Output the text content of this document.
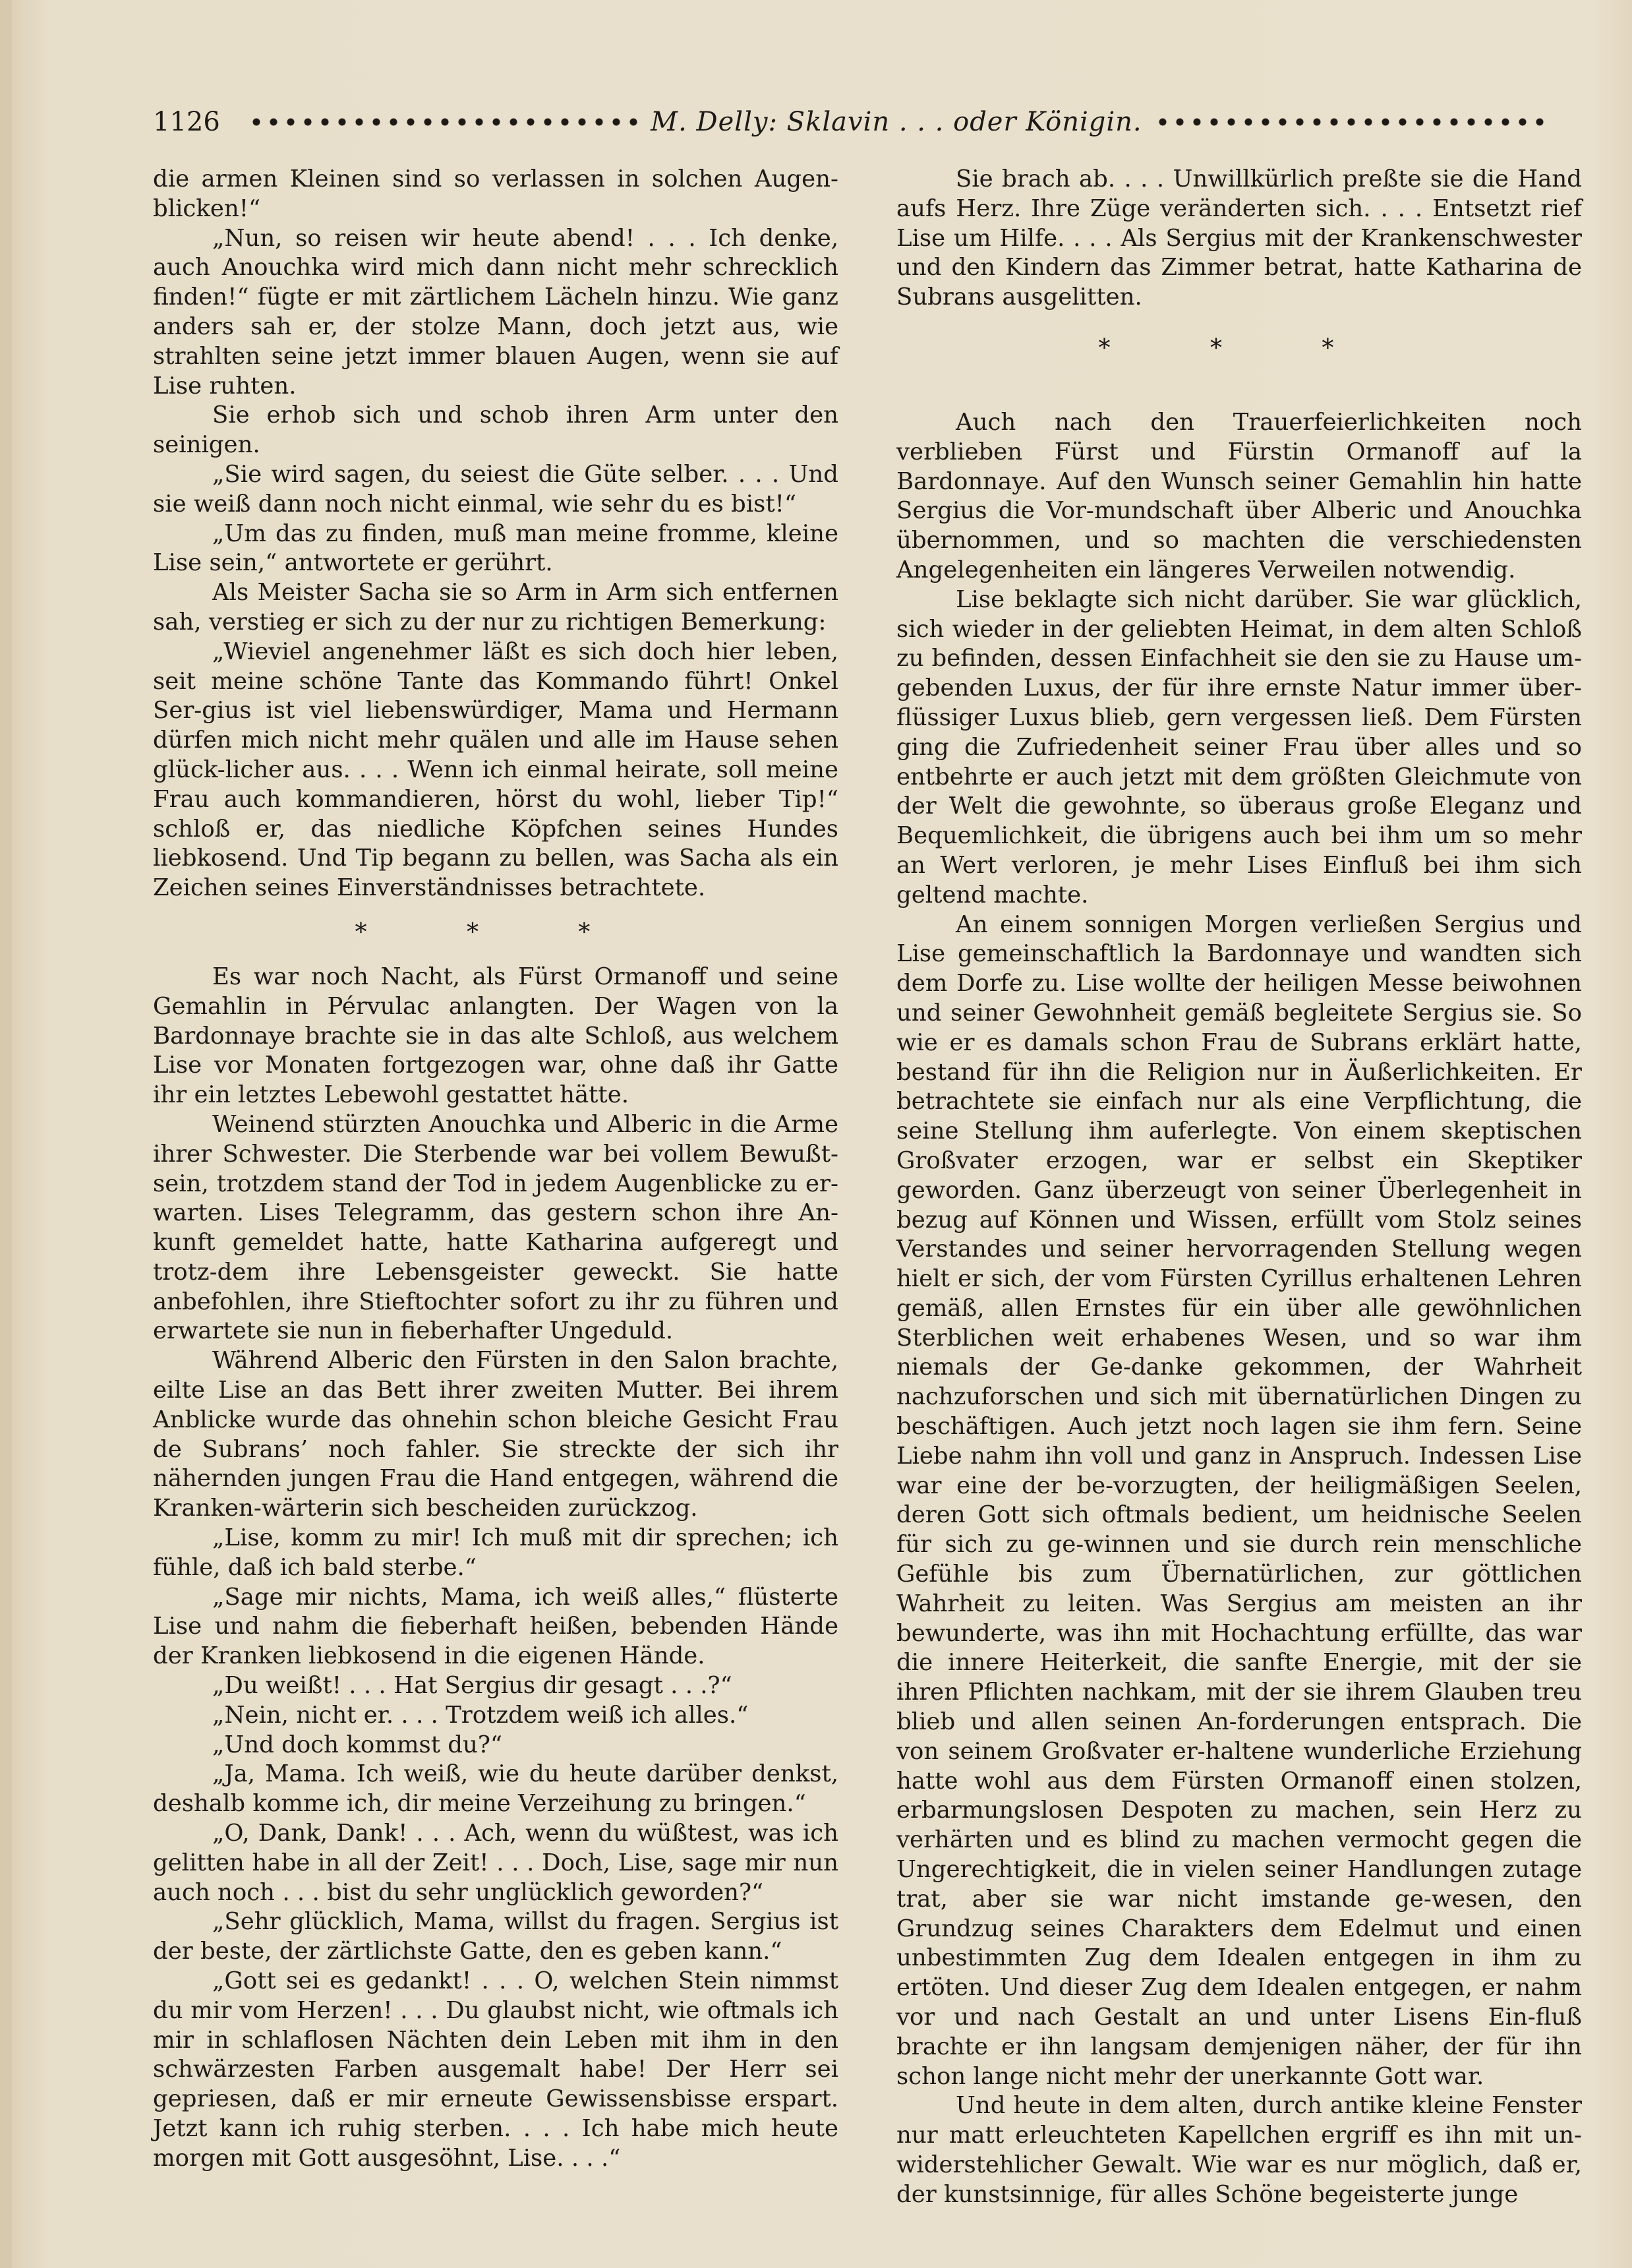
1126	M. Delly: Sklavin . . . oder Königin.

die armen Kleinen sind so verlassen in solchen Augen-blicken!“

„Nun, so reisen wir heute abend! . . . Ich denke, auch Anouchka wird mich dann nicht mehr schrecklich finden!“ fügte er mit zärtlichem Lächeln hinzu. Wie ganz anders sah er, der stolze Mann, doch jetzt aus, wie strahlten seine jetzt immer blauen Augen, wenn sie auf Lise ruhten.

Sie erhob sich und schob ihren Arm unter den seinigen.

„Sie wird sagen, du seiest die Güte selber. . . . Und sie weiß dann noch nicht einmal, wie sehr du es bist!“

„Um das zu finden, muß man meine fromme, kleine Lise sein,“ antwortete er gerührt.

Als Meister Sacha sie so Arm in Arm sich entfernen sah, verstieg er sich zu der nur zu richtigen Bemerkung:

„Wieviel angenehmer läßt es sich doch hier leben, seit meine schöne Tante das Kommando führt! Onkel Ser-gius ist viel liebenswürdiger, Mama und Hermann dürfen mich nicht mehr quälen und alle im Hause sehen glück-licher aus. . . . Wenn ich einmal heirate, soll meine Frau auch kommandieren, hörst du wohl, lieber Tip!“ schloß er, das niedliche Köpfchen seines Hundes liebkosend. Und Tip begann zu bellen, was Sacha als ein Zeichen seines Einverständnisses betrachtete.

* * *

Es war noch Nacht, als Fürst Ormanoff und seine Gemahlin in Pérvulac anlangten. Der Wagen von la Bardonnaye brachte sie in das alte Schloß, aus welchem Lise vor Monaten fortgezogen war, ohne daß ihr Gatte ihr ein letztes Lebewohl gestattet hätte.

Weinend stürzten Anouchka und Alberic in die Arme ihrer Schwester. Die Sterbende war bei vollem Bewußt-sein, trotzdem stand der Tod in jedem Augenblicke zu er-warten. Lises Telegramm, das gestern schon ihre An-kunft gemeldet hatte, hatte Katharina aufgeregt und trotz-dem ihre Lebensgeister geweckt. Sie hatte anbefohlen, ihre Stieftochter sofort zu ihr zu führen und erwartete sie nun in fieberhafter Ungeduld.

Während Alberic den Fürsten in den Salon brachte, eilte Lise an das Bett ihrer zweiten Mutter. Bei ihrem Anblicke wurde das ohnehin schon bleiche Gesicht Frau de Subrans’ noch fahler. Sie streckte der sich ihr nähernden jungen Frau die Hand entgegen, während die Kranken-wärterin sich bescheiden zurückzog.

„Lise, komm zu mir! Ich muß mit dir sprechen; ich fühle, daß ich bald sterbe.“

„Sage mir nichts, Mama, ich weiß alles,“ flüsterte Lise und nahm die fieberhaft heißen, bebenden Hände der Kranken liebkosend in die eigenen Hände.

„Du weißt! . . . Hat Sergius dir gesagt . . .?“

„Nein, nicht er. . . . Trotzdem weiß ich alles.“

„Und doch kommst du?“

„Ja, Mama. Ich weiß, wie du heute darüber denkst, deshalb komme ich, dir meine Verzeihung zu bringen.“

„O, Dank, Dank! . . . Ach, wenn du wüßtest, was ich gelitten habe in all der Zeit! . . . Doch, Lise, sage mir nun auch noch . . . bist du sehr unglücklich geworden?“

„Sehr glücklich, Mama, willst du fragen. Sergius ist der beste, der zärtlichste Gatte, den es geben kann.“

„Gott sei es gedankt! . . . O, welchen Stein nimmst du mir vom Herzen! . . . Du glaubst nicht, wie oftmals ich mir in schlaflosen Nächten dein Leben mit ihm in den schwärzesten Farben ausgemalt habe! Der Herr sei gepriesen, daß er mir erneute Gewissensbisse erspart. Jetzt kann ich ruhig sterben. . . . Ich habe mich heute morgen mit Gott ausgesöhnt, Lise. . . .“

Sie brach ab. . . . Unwillkürlich preßte sie die Hand aufs Herz. Ihre Züge veränderten sich. . . . Entsetzt rief Lise um Hilfe. . . . Als Sergius mit der Krankenschwester und den Kindern das Zimmer betrat, hatte Katharina de Subrans ausgelitten.

* * *

Auch nach den Trauerfeierlichkeiten noch verblieben Fürst und Fürstin Ormanoff auf la Bardonnaye. Auf den Wunsch seiner Gemahlin hin hatte Sergius die Vor-mundschaft über Alberic und Anouchka übernommen, und so machten die verschiedensten Angelegenheiten ein längeres Verweilen notwendig.

Lise beklagte sich nicht darüber. Sie war glücklich, sich wieder in der geliebten Heimat, in dem alten Schloß zu befinden, dessen Einfachheit sie den sie zu Hause um-gebenden Luxus, der für ihre ernste Natur immer über-flüssiger Luxus blieb, gern vergessen ließ. Dem Fürsten ging die Zufriedenheit seiner Frau über alles und so entbehrte er auch jetzt mit dem größten Gleichmute von der Welt die gewohnte, so überaus große Eleganz und Bequemlichkeit, die übrigens auch bei ihm um so mehr an Wert verloren, je mehr Lises Einfluß bei ihm sich geltend machte.

An einem sonnigen Morgen verließen Sergius und Lise gemeinschaftlich la Bardonnaye und wandten sich dem Dorfe zu. Lise wollte der heiligen Messe beiwohnen und seiner Gewohnheit gemäß begleitete Sergius sie. So wie er es damals schon Frau de Subrans erklärt hatte, bestand für ihn die Religion nur in Äußerlichkeiten. Er betrachtete sie einfach nur als eine Verpflichtung, die seine Stellung ihm auferlegte. Von einem skeptischen Großvater erzogen, war er selbst ein Skeptiker geworden. Ganz überzeugt von seiner Überlegenheit in bezug auf Können und Wissen, erfüllt vom Stolz seines Verstandes und seiner hervorragenden Stellung wegen hielt er sich, der vom Fürsten Cyrillus erhaltenen Lehren gemäß, allen Ernstes für ein über alle gewöhnlichen Sterblichen weit erhabenes Wesen, und so war ihm niemals der Ge-danke gekommen, der Wahrheit nachzuforschen und sich mit übernatürlichen Dingen zu beschäftigen. Auch jetzt noch lagen sie ihm fern. Seine Liebe nahm ihn voll und ganz in Anspruch. Indessen Lise war eine der be-vorzugten, der heiligmäßigen Seelen, deren Gott sich oftmals bedient, um heidnische Seelen für sich zu ge-winnen und sie durch rein menschliche Gefühle bis zum Übernatürlichen, zur göttlichen Wahrheit zu leiten. Was Sergius am meisten an ihr bewunderte, was ihn mit Hochachtung erfüllte, das war die innere Heiterkeit, die sanfte Energie, mit der sie ihren Pflichten nachkam, mit der sie ihrem Glauben treu blieb und allen seinen An-forderungen entsprach. Die von seinem Großvater er-haltene wunderliche Erziehung hatte wohl aus dem Fürsten Ormanoff einen stolzen, erbarmungslosen Despoten zu machen, sein Herz zu verhärten und es blind zu machen vermocht gegen die Ungerechtigkeit, die in vielen seiner Handlungen zutage trat, aber sie war nicht imstande ge-wesen, den Grundzug seines Charakters dem Edelmut und einen unbestimmten Zug dem Idealen entgegen in ihm zu ertöten. Und dieser Zug dem Idealen entgegen, er nahm vor und nach Gestalt an und unter Lisens Ein-fluß brachte er ihn langsam demjenigen näher, der für ihn schon lange nicht mehr der unerkannte Gott war.

Und heute in dem alten, durch antike kleine Fenster nur matt erleuchteten Kapellchen ergriff es ihn mit un-widerstehlicher Gewalt. Wie war es nur möglich, daß er, der kunstsinnige, für alles Schöne begeisterte junge
